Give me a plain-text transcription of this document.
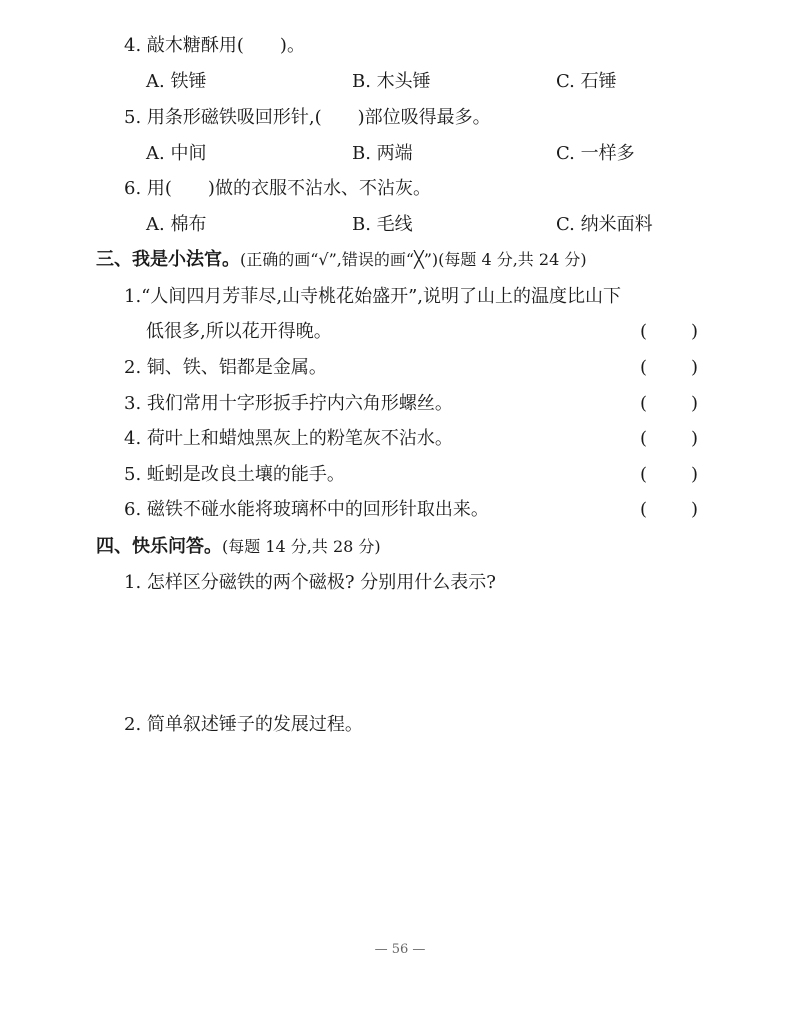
4. 敲木糖酥用(　　)。
A. 铁锤	B. 木头锤	C. 石锤
5. 用条形磁铁吸回形针,(　　)部位吸得最多。
A. 中间	B. 两端	C. 一样多
6. 用(　　)做的衣服不沾水、不沾灰。
A. 棉布	B. 毛线	C. 纳米面料
三、我是小法官。(正确的画“√”,错误的画“╳”)(每题 4 分,共 24 分)
1.“人间四月芳菲尽,山寺桃花始盛开”,说明了山上的温度比山下
低很多,所以花开得晚。	( )
2. 铜、铁、铝都是金属。	( )
3. 我们常用十字形扳手拧内六角形螺丝。	( )
4. 荷叶上和蜡烛黑灰上的粉笔灰不沾水。	( )
5. 蚯蚓是改良土壤的能手。	( )
6. 磁铁不碰水能将玻璃杯中的回形针取出来。	( )
四、快乐问答。(每题 14 分,共 28 分)
1. 怎样区分磁铁的两个磁极? 分别用什么表示?
2. 简单叙述锤子的发展过程。
— 56 —
